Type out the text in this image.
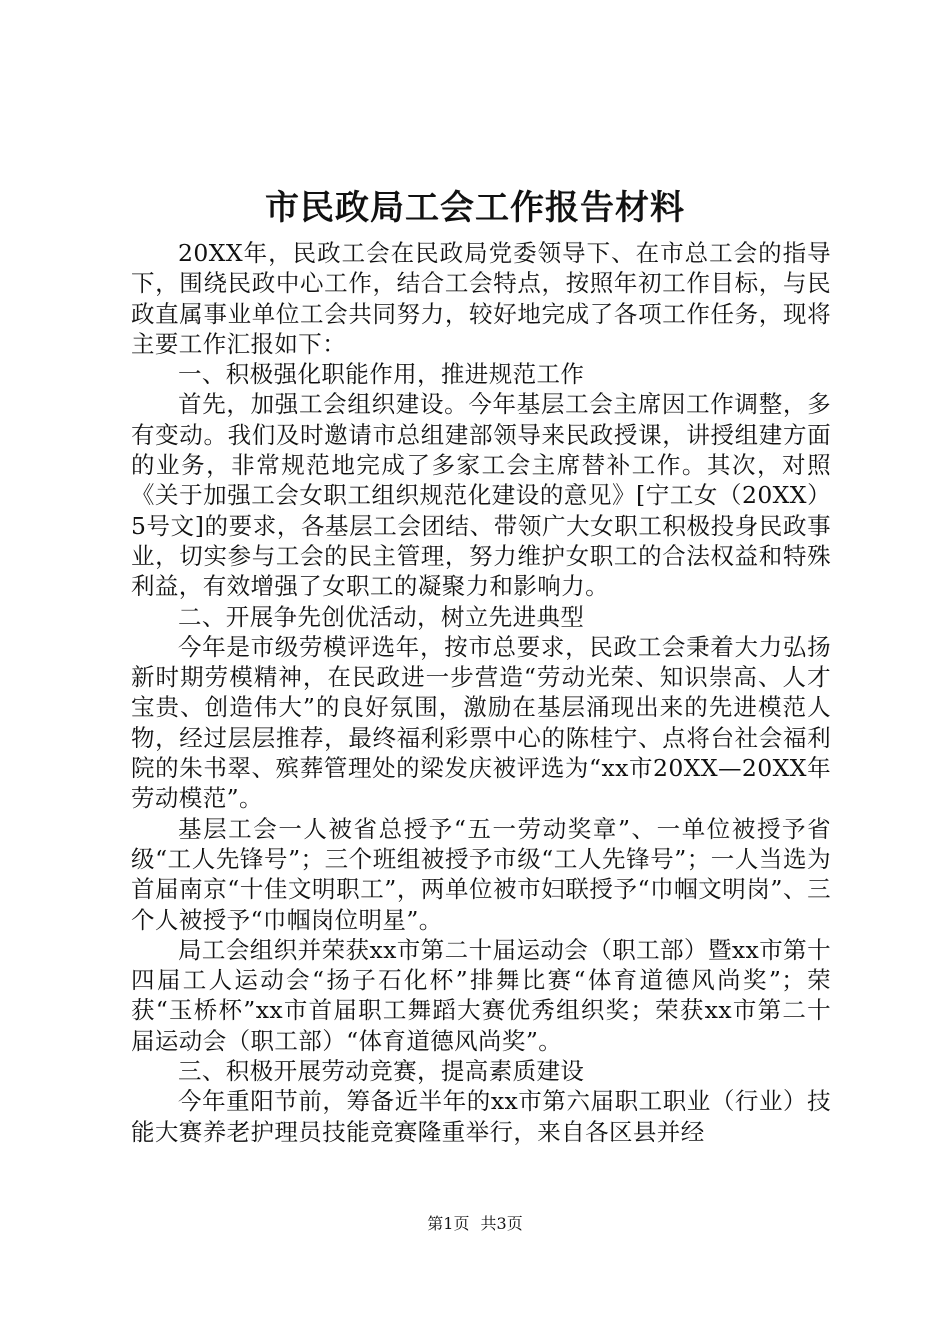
市民政局工会工作报告材料

20XX年，民政工会在民政局党委领导下、在市总工会的指导下，围绕民政中心工作，结合工会特点，按照年初工作目标，与民政直属事业单位工会共同努力，较好地完成了各项工作任务，现将主要工作汇报如下：

一、积极强化职能作用，推进规范工作

首先，加强工会组织建设。今年基层工会主席因工作调整，多有变动。我们及时邀请市总组建部领导来民政授课，讲授组建方面的业务，非常规范地完成了多家工会主席替补工作。其次，对照《关于加强工会女职工组织规范化建设的意见》[宁工女（20XX）5号文]的要求，各基层工会团结、带领广大女职工积极投身民政事业，切实参与工会的民主管理，努力维护女职工的合法权益和特殊利益，有效增强了女职工的凝聚力和影响力。

二、开展争先创优活动，树立先进典型

今年是市级劳模评选年，按市总要求，民政工会秉着大力弘扬新时期劳模精神，在民政进一步营造“劳动光荣、知识崇高、人才宝贵、创造伟大”的良好氛围，激励在基层涌现出来的先进模范人物，经过层层推荐，最终福利彩票中心的陈桂宁、点将台社会福利院的朱书翠、殡葬管理处的梁发庆被评选为“xx市20XX—20XX年劳动模范”。

基层工会一人被省总授予“五一劳动奖章”、一单位被授予省级“工人先锋号”；三个班组被授予市级“工人先锋号”；一人当选为首届南京“十佳文明职工”，两单位被市妇联授予“巾帼文明岗”、三个人被授予“巾帼岗位明星”。

局工会组织并荣获xx市第二十届运动会（职工部）暨xx市第十四届工人运动会“扬子石化杯”排舞比赛“体育道德风尚奖”；荣获“玉桥杯”xx市首届职工舞蹈大赛优秀组织奖；荣获xx市第二十届运动会（职工部）“体育道德风尚奖”。

三、积极开展劳动竞赛，提高素质建设

今年重阳节前，筹备近半年的xx市第六届职工职业（行业）技能大赛养老护理员技能竞赛隆重举行，来自各区县并经

第1页 共3页
